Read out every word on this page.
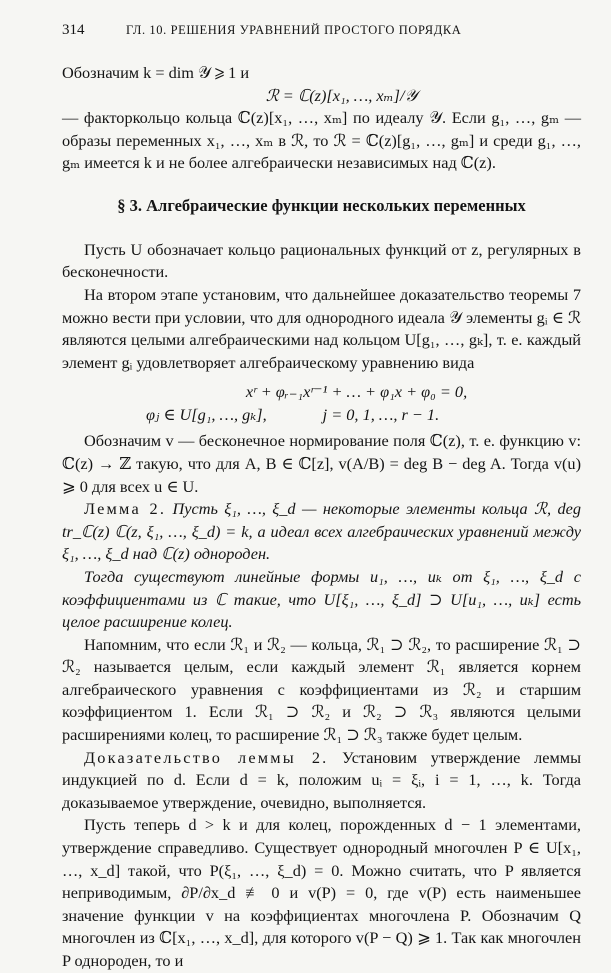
314	ГЛ. 10. РЕШЕНИЯ УРАВНЕНИЙ ПРОСТОГО ПОРЯДКА

Обозначим k = dim 𝒴 ⩾ 1 и

ℛ = ℂ(z)[x₁, …, xₘ]/𝒴

— факторкольцо кольца ℂ(z)[x₁, …, xₘ] по идеалу 𝒴. Если g₁, …, gₘ — образы переменных x₁, …, xₘ в ℛ, то ℛ = ℂ(z)[g₁, …, gₘ] и среди g₁, …, gₘ имеется k и не более алгебраически независимых над ℂ(z).

§ 3. Алгебраические функции нескольких переменных

Пусть U обозначает кольцо рациональных функций от z, регулярных в бесконечности.

На втором этапе установим, что дальнейшее доказательство теоремы 7 можно вести при условии, что для однородного идеала 𝒴 элементы gᵢ ∈ ℛ являются целыми алгебраическими над кольцом U[g₁, …, gₖ], т. е. каждый элемент gᵢ удовлетворяет алгебраическому уравнению вида

xʳ + φᵣ₋₁xʳ⁻¹ + … + φ₁x + φ₀ = 0,

φⱼ ∈ U[g₁, …, gₖ],	j = 0, 1, …, r − 1.

Обозначим v — бесконечное нормирование поля ℂ(z), т. е. функцию v: ℂ(z) → ℤ такую, что для A, B ∈ ℂ[z], v(A/B) = deg B − deg A. Тогда v(u) ⩾ 0 для всех u ∈ U.

Лемма 2. Пусть ξ₁, …, ξ_d — некоторые элементы кольца ℛ, deg tr_ℂ(z) ℂ(z, ξ₁, …, ξ_d) = k, а идеал всех алгебраических уравнений между ξ₁, …, ξ_d над ℂ(z) однороден.

Тогда существуют линейные формы u₁, …, uₖ от ξ₁, …, ξ_d с коэффициентами из ℂ такие, что U[ξ₁, …, ξ_d] ⊃ U[u₁, …, uₖ] есть целое расширение колец.

Напомним, что если ℛ₁ и ℛ₂ — кольца, ℛ₁ ⊃ ℛ₂, то расширение ℛ₁ ⊃ ℛ₂ называется целым, если каждый элемент ℛ₁ является корнем алгебраического уравнения с коэффициентами из ℛ₂ и старшим коэффициентом 1. Если ℛ₁ ⊃ ℛ₂ и ℛ₂ ⊃ ℛ₃ являются целыми расширениями колец, то расширение ℛ₁ ⊃ ℛ₃ также будет целым.

Доказательство леммы 2. Установим утверждение леммы индукцией по d. Если d = k, положим uᵢ = ξᵢ, i = 1, …, k. Тогда доказываемое утверждение, очевидно, выполняется.

Пусть теперь d > k и для колец, порожденных d − 1 элементами, утверждение справедливо. Существует однородный многочлен P ∈ U[x₁, …, x_d] такой, что P(ξ₁, …, ξ_d) = 0. Можно считать, что P является неприводимым, ∂P/∂x_d ≢ 0 и v(P) = 0, где v(P) есть наименьшее значение функции v на коэффициентах многочлена P. Обозначим Q многочлен из ℂ[x₁, …, x_d], для которого v(P − Q) ⩾ 1. Так как многочлен P однороден, то и
